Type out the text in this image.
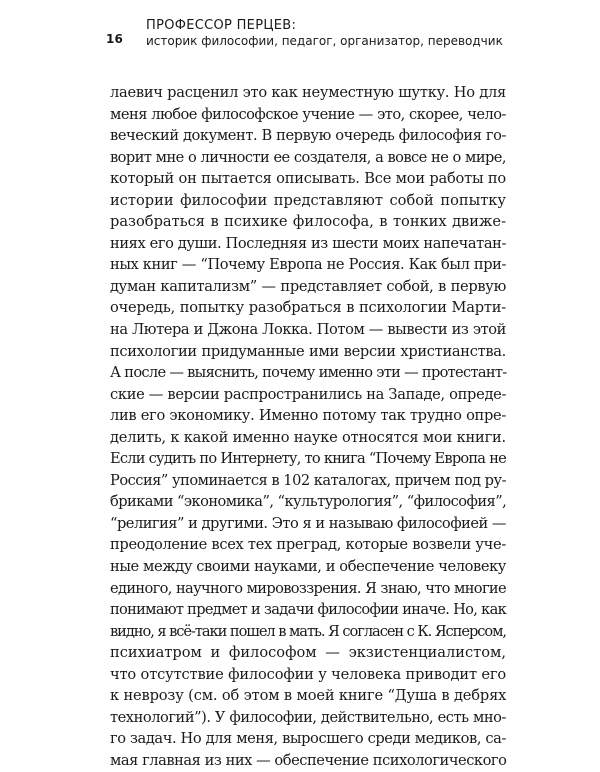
ПРОФЕССОР ПЕРЦЕВ:
историк философии, педагог, организатор, переводчик
16
лаевич расценил это как неуместную шутку. Но для
меня любое философское учение — это, скорее, чело-
веческий документ. В первую очередь философия го-
ворит мне о личности ее создателя, а вовсе не о мире,
который он пытается описывать. Все мои работы по
истории философии представляют собой попытку
разобраться в психике философа, в тонких движе-
ниях его души. Последняя из шести моих напечатан-
ных книг — “Почему Европа не Россия. Как был при-
думан капитализм” — представляет собой, в первую
очередь, попытку разобраться в психологии Марти-
на Лютера и Джона Локка. Потом — вывести из этой
психологии придуманные ими версии христианства.
А после — выяснить, почему именно эти — протестант-
ские — версии распространились на Западе, опреде-
лив его экономику. Именно потому так трудно опре-
делить, к какой именно науке относятся мои книги.
Если судить по Интернету, то книга “Почему Европа не
Россия” упоминается в 102 каталогах, причем под ру-
бриками “экономика”, “культурология”, “философия”,
“религия” и другими. Это я и называю философией —
преодоление всех тех преград, которые возвели уче-
ные между своими науками, и обеспечение человеку
единого, научного мировоззрения. Я знаю, что многие
понимают предмет и задачи философии иначе. Но, как
видно, я всё-таки пошел в мать. Я согласен с К. Ясперсом,
психиатром и философом — экзистенциалистом,
что отсутствие философии у человека приводит его
к неврозу (см. об этом в моей книге “Душа в дебрях
технологий”). У философии, действительно, есть мно-
го задач. Но для меня, выросшего среди медиков, са-
мая главная из них — обеспечение психологического
